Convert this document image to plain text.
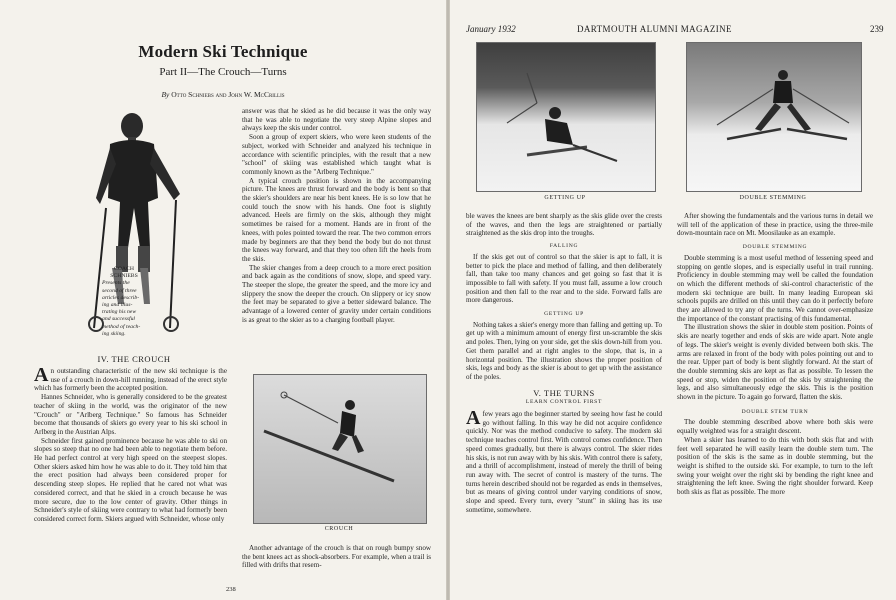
Modern Ski Technique
Part II—The Crouch—Turns
By Otto Schniebs and John W. McCrillis
COACH
SCHNIEBS
Presents the
second of three
articles describ-
ing and illus-
trating his new
and successful
method of teach-
ing skiing.
IV. THE CROUCH

An outstanding characteristic of the new ski technique is the use of a crouch in down-hill running, instead of the erect style which has formerly been the accepted position.

Hannes Schneider, who is generally considered to be the greatest teacher of skiing in the world, was the originator of the new "Crouch" or "Arlberg Technique." So famous has Schneider become that thousands of skiers go every year to his ski school in Arlberg in the Austrian Alps.

Schneider first gained prominence because he was able to ski on slopes so steep that no one had been able to negotiate them before. He had perfect control at very high speed on the steepest slopes. Other skiers asked him how he was able to do it. They told him that the erect position had always been considered proper for descending steep slopes. He replied that he cared not what was considered correct, and that he skied in a crouch because he was more secure, due to the low center of gravity. Other things in Schneider's style of skiing were contrary to what had formerly been considered correct form. Skiers argued with Schneider, whose only

answer was that he skied as he did because it was the only way that he was able to negotiate the very steep Alpine slopes and always keep the skis under control.

Soon a group of expert skiers, who were keen students of the subject, worked with Schneider and analyzed his technique in accordance with scientific principles, with the result that a new "school" of skiing was established which taught what is commonly known as the "Arlberg Technique."

A typical crouch position is shown in the accompanying picture. The knees are thrust forward and the body is bent so that the skier's shoulders are near his bent knees. He is so low that he could touch the snow with his hands. One foot is slightly advanced. Heels are firmly on the skis, although they might sometimes be raised for a moment. Hands are in front of the knees, with poles pointed toward the rear. The two common errors made by beginners are that they bend the body but do not thrust the knees way forward, and that they too often lift the heels from the skis.

The skier changes from a deep crouch to a more erect position and back again as the conditions of snow, slope, and speed vary. The steeper the slope, the greater the speed, and the more icy and slippery the snow the deeper the crouch. On slippery or icy snow the feet may be separated to give a better sideward balance. The advantage of a lowered center of gravity under certain conditions is as great to the skier as to a charging football player.

CROUCH

Another advantage of the crouch is that on rough bumpy snow the bent knees act as shock-absorbers. For example, when a trail is filled with drifts that resem-

238
January 1932	DARTMOUTH ALUMNI MAGAZINE	239
GETTING UP	DOUBLE STEMMING

ble waves the knees are bent sharply as the skis glide over the crests of the waves, and then the legs are straightened or partially straightened as the skis drop into the troughs.

FALLING

If the skis get out of control so that the skier is apt to fall, it is better to pick the place and method of falling, and then deliberately fall, than take too many chances and get going so fast that it is impossible to fall with safety. If you must fall, assume a low crouch position and then fall to the rear and to the side. Forward falls are more dangerous.

GETTING UP

Nothing takes a skier's energy more than falling and getting up. To get up with a minimum amount of energy first un-scramble the skis and poles. Then, lying on your side, get the skis down-hill from you. Get them parallel and at right angles to the slope, that is, in a horizontal position. The illustration shows the proper position of skis, legs and body as the skier is about to get up with the assistance of the poles.

V. THE TURNS
LEARN CONTROL FIRST

A few years ago the beginner started by seeing how fast he could go without falling. In this way he did not acquire confidence quickly. Nor was the method conducive to safety. The modern ski technique teaches control first. With control comes confidence. Then speed comes gradually, but there is always control. The skier rides his skis, is not run away with by his skis. With control there is safety, and a thrill of accomplishment, instead of merely the thrill of being run away with. The secret of control is mastery of the turns. The turns herein described should not be regarded as ends in themselves, but as means of giving control under varying conditions of snow, slope and speed. Every turn, every "stunt" in skiing has its use sometime, somewhere.

After showing the fundamentals and the various turns in detail we will tell of the application of these in practice, using the three-mile down-mountain race on Mt. Moosilauke as an example.

DOUBLE STEMMING

Double stemming is a most useful method of lessening speed and stopping on gentle slopes, and is especially useful in trail running. Proficiency in double stemming may well be called the foundation on which the different methods of ski-control characteristic of the modern ski technique are built. In many leading European ski schools pupils are drilled on this until they can do it perfectly before they are allowed to try any of the turns. We cannot over-emphasize the importance of the constant practising of this fundamental.

The illustration shows the skier in double stem position. Points of skis are nearly together and ends of skis are wide apart. Note angle of legs. The skier's weight is evenly divided between both skis. The arms are relaxed in front of the body with poles pointing out and to the rear. Upper part of body is bent slightly forward. At the start of the double stemming skis are kept as flat as possible. To lessen the speed or stop, widen the position of the skis by straightening the legs, and also simultaneously edge the skis. This is the position shown in the picture. To again go forward, flatten the skis.

DOUBLE STEM TURN

The double stemming described above where both skis were equally weighted was for a straight descent.

When a skier has learned to do this with both skis flat and with feet well separated he will easily learn the double stem turn. The position of the skis is the same as in double stemming, but the weight is shifted to the outside ski. For example, to turn to the left swing your weight over the right ski by bending the right knee and straightening the left knee. Swing the right shoulder forward. Keep both skis as flat as possible. The more
